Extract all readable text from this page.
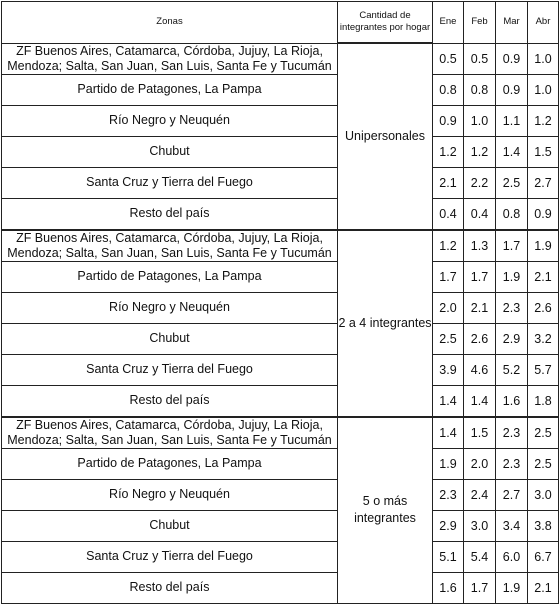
Zonas	Cantidad de integrantes por hogar	Ene	Feb	Mar	Abr
ZF Buenos Aires, Catamarca, Córdoba, Jujuy, La Rioja, Mendoza; Salta, San Juan, San Luis, Santa Fe y Tucumán	Unipersonales	0.5	0.5	0.9	1.0
Partido de Patagones, La Pampa		0.8	0.8	0.9	1.0
Río Negro y Neuquén		0.9	1.0	1.1	1.2
Chubut		1.2	1.2	1.4	1.5
Santa Cruz y Tierra del Fuego		2.1	2.2	2.5	2.7
Resto del país		0.4	0.4	0.8	0.9
ZF Buenos Aires, Catamarca, Córdoba, Jujuy, La Rioja, Mendoza; Salta, San Juan, San Luis, Santa Fe y Tucumán	2 a 4 integrantes	1.2	1.3	1.7	1.9
Partido de Patagones, La Pampa		1.7	1.7	1.9	2.1
Río Negro y Neuquén		2.0	2.1	2.3	2.6
Chubut		2.5	2.6	2.9	3.2
Santa Cruz y Tierra del Fuego		3.9	4.6	5.2	5.7
Resto del país		1.4	1.4	1.6	1.8
ZF Buenos Aires, Catamarca, Córdoba, Jujuy, La Rioja, Mendoza; Salta, San Juan, San Luis, Santa Fe y Tucumán	5 o más integrantes	1.4	1.5	2.3	2.5
Partido de Patagones, La Pampa		1.9	2.0	2.3	2.5
Río Negro y Neuquén		2.3	2.4	2.7	3.0
Chubut		2.9	3.0	3.4	3.8
Santa Cruz y Tierra del Fuego		5.1	5.4	6.0	6.7
Resto del país		1.6	1.7	1.9	2.1
